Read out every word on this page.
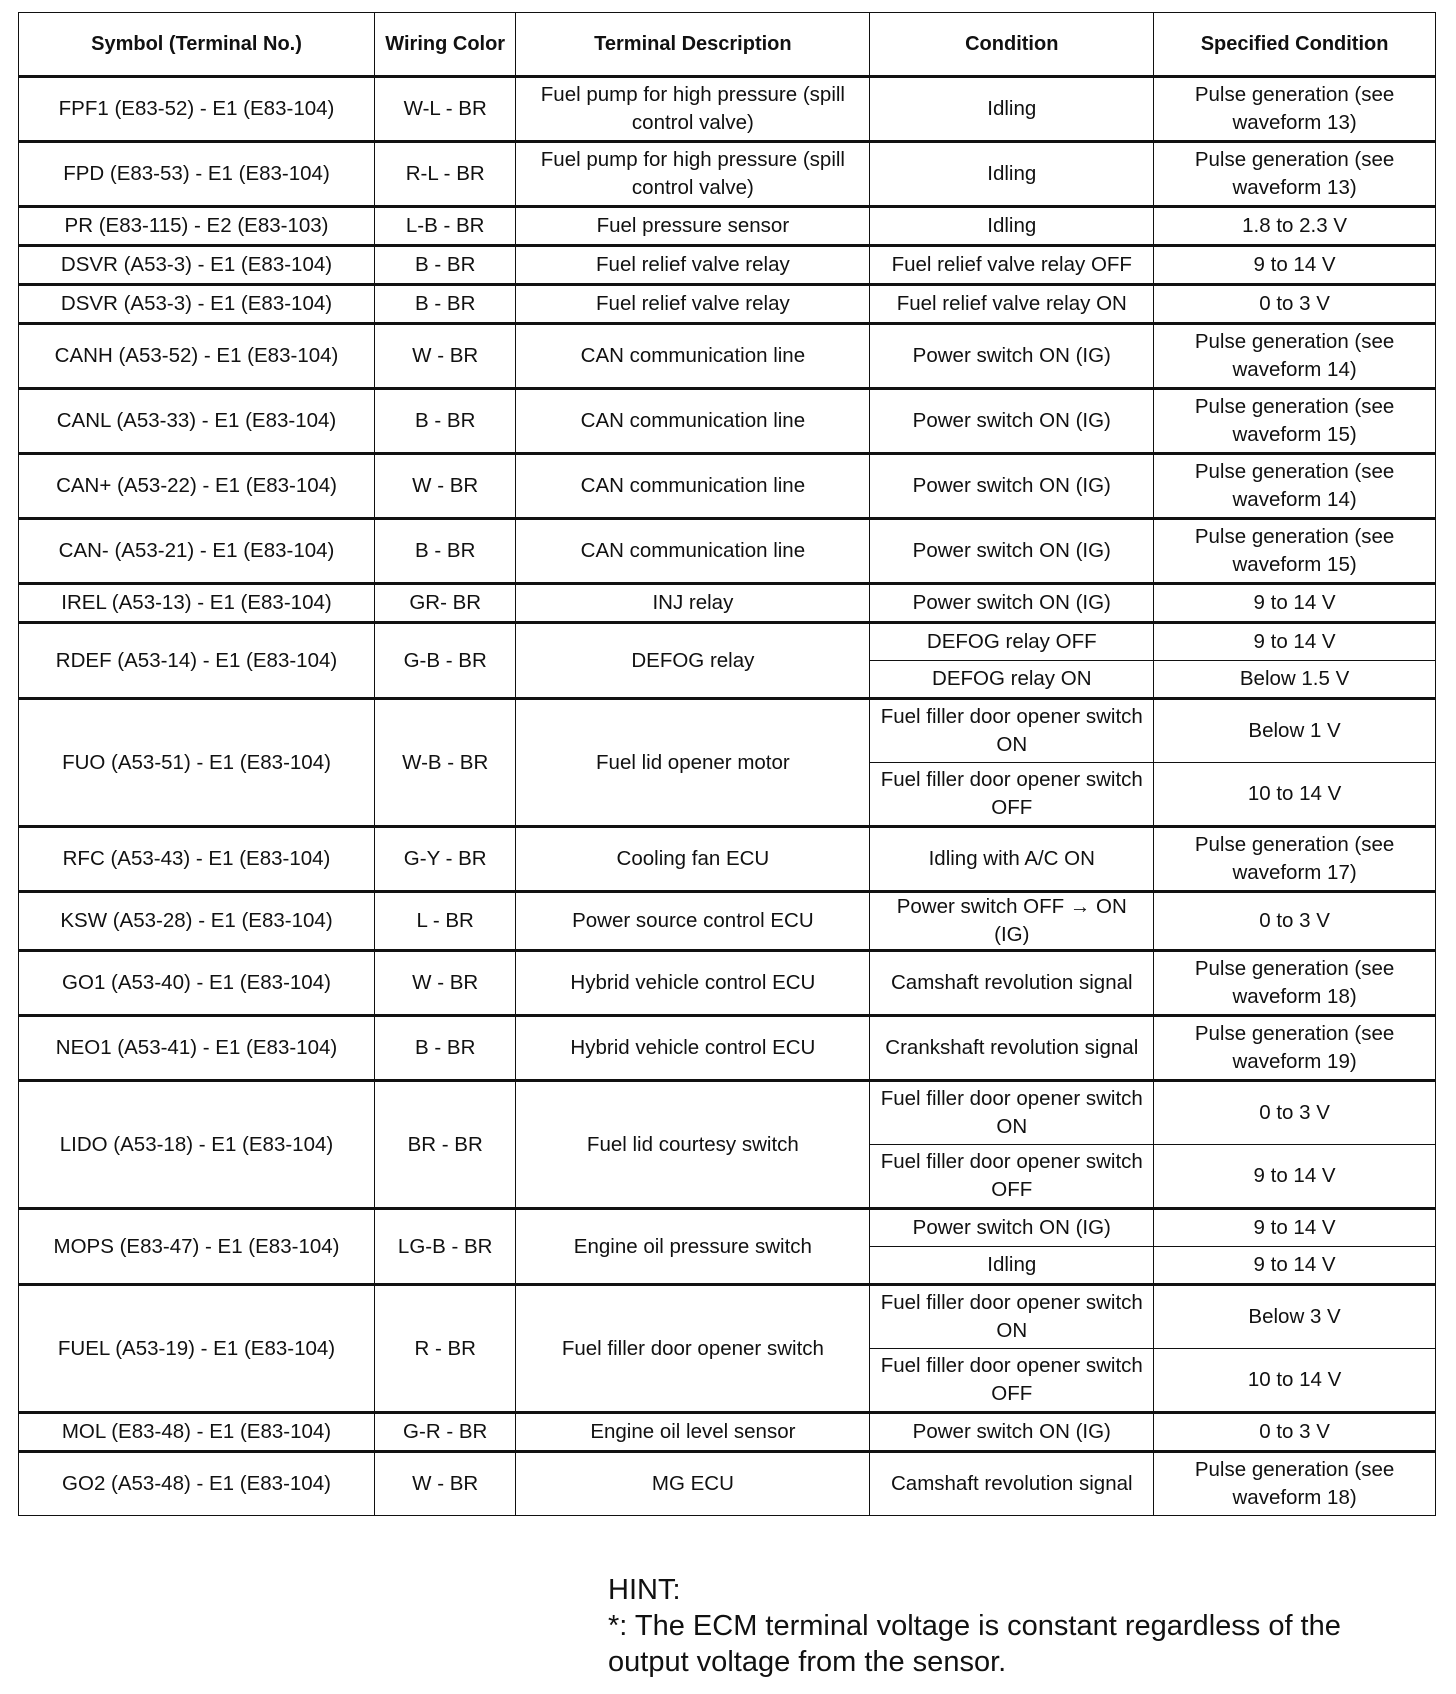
Symbol (Terminal No.)	Wiring Color	Terminal Description	Condition	Specified Condition
FPF1 (E83-52) - E1 (E83-104)	W-L - BR	Fuel pump for high pressure (spill control valve)	Idling	Pulse generation (see waveform 13)
FPD (E83-53) - E1 (E83-104)	R-L - BR	Fuel pump for high pressure (spill control valve)	Idling	Pulse generation (see waveform 13)
PR (E83-115) - E2 (E83-103)	L-B - BR	Fuel pressure sensor	Idling	1.8 to 2.3 V
DSVR (A53-3) - E1 (E83-104)	B - BR	Fuel relief valve relay	Fuel relief valve relay OFF	9 to 14 V
DSVR (A53-3) - E1 (E83-104)	B - BR	Fuel relief valve relay	Fuel relief valve relay ON	0 to 3 V
CANH (A53-52) - E1 (E83-104)	W - BR	CAN communication line	Power switch ON (IG)	Pulse generation (see waveform 14)
CANL (A53-33) - E1 (E83-104)	B - BR	CAN communication line	Power switch ON (IG)	Pulse generation (see waveform 15)
CAN+ (A53-22) - E1 (E83-104)	W - BR	CAN communication line	Power switch ON (IG)	Pulse generation (see waveform 14)
CAN- (A53-21) - E1 (E83-104)	B - BR	CAN communication line	Power switch ON (IG)	Pulse generation (see waveform 15)
IREL (A53-13) - E1 (E83-104)	GR- BR	INJ relay	Power switch ON (IG)	9 to 14 V
RDEF (A53-14) - E1 (E83-104)	G-B - BR	DEFOG relay	DEFOG relay OFF	9 to 14 V
			DEFOG relay ON	Below 1.5 V
FUO (A53-51) - E1 (E83-104)	W-B - BR	Fuel lid opener motor	Fuel filler door opener switch ON	Below 1 V
			Fuel filler door opener switch OFF	10 to 14 V
RFC (A53-43) - E1 (E83-104)	G-Y - BR	Cooling fan ECU	Idling with A/C ON	Pulse generation (see waveform 17)
KSW (A53-28) - E1 (E83-104)	L - BR	Power source control ECU	Power switch OFF → ON (IG)	0 to 3 V
GO1 (A53-40) - E1 (E83-104)	W - BR	Hybrid vehicle control ECU	Camshaft revolution signal	Pulse generation (see waveform 18)
NEO1 (A53-41) - E1 (E83-104)	B - BR	Hybrid vehicle control ECU	Crankshaft revolution signal	Pulse generation (see waveform 19)
LIDO (A53-18) - E1 (E83-104)	BR - BR	Fuel lid courtesy switch	Fuel filler door opener switch ON	0 to 3 V
			Fuel filler door opener switch OFF	9 to 14 V
MOPS (E83-47) - E1 (E83-104)	LG-B - BR	Engine oil pressure switch	Power switch ON (IG)	9 to 14 V
			Idling	9 to 14 V
FUEL (A53-19) - E1 (E83-104)	R - BR	Fuel filler door opener switch	Fuel filler door opener switch ON	Below 3 V
			Fuel filler door opener switch OFF	10 to 14 V
MOL (E83-48) - E1 (E83-104)	G-R - BR	Engine oil level sensor	Power switch ON (IG)	0 to 3 V
GO2 (A53-48) - E1 (E83-104)	W - BR	MG ECU	Camshaft revolution signal	Pulse generation (see waveform 18)
HINT:
*: The ECM terminal voltage is constant regardless of the output voltage from the sensor.
